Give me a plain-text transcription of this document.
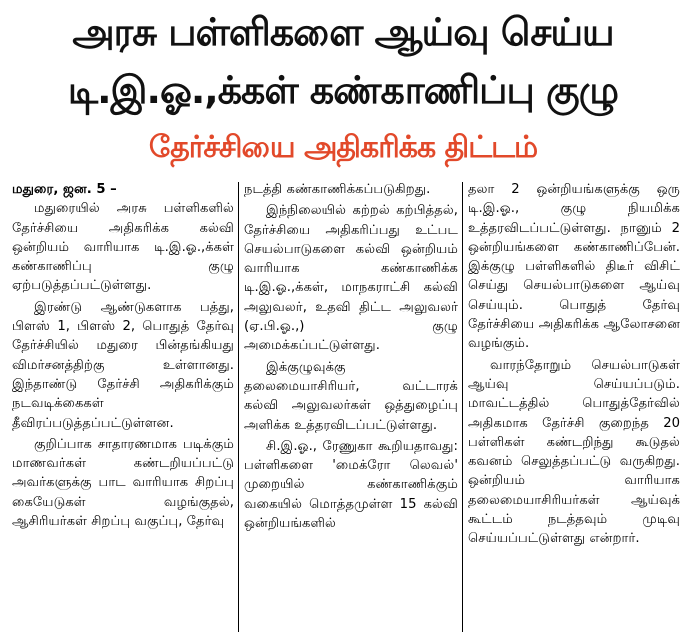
அரசு பள்ளிகளை ஆய்வு செய்ய
டி.இ.ஓ.,க்கள் கண்காணிப்பு குழு
தேர்ச்சியை அதிகரிக்க திட்டம்
மதுரை, ஜன. 5 –

மதுரையில் அரசு பள்ளிகளில் தேர்ச்சியை அதிகரிக்க கல்வி ஒன்றியம் வாரியாக டி.இ.ஓ.,க்கள் கண்காணிப்பு குழு ஏற்படுத்தப்பட்டுள்ளது.

இரண்டு ஆண்டுகளாக பத்து, பிளஸ் 1, பிளஸ் 2, பொதுத் தேர்வு தேர்ச்சியில் மதுரை பின்தங்கியது விமர்சனத்திற்கு உள்ளானது. இந்தாண்டு தேர்ச்சி அதிகரிக்கும் நடவடிக்கைகள் தீவிரப்படுத்தப்பட்டுள்ளன.

குறிப்பாக சாதாரணமாக படிக்கும் மாணவர்கள் கண்டறியப்பட்டு அவர்களுக்கு பாட வாரியாக சிறப்பு கையேடுகள் வழங்குதல், ஆசிரியர்கள் சிறப்பு வகுப்பு, தேர்வு

நடத்தி கண்காணிக்கப்படுகிறது.

இந்நிலையில் கற்றல் கற்பித்தல், தேர்ச்சியை அதிகரிப்பது உட்பட செயல்பாடுகளை கல்வி ஒன்றியம் வாரியாக கண்காணிக்க டி.இ.ஓ.,க்கள், மாநகராட்சி கல்வி அலுவலர், உதவி திட்ட அலுவலர் (ஏ.பி.ஓ.,) குழு அமைக்கப்பட்டுள்ளது.

இக்குழுவுக்கு தலைமையாசிரியர், வட்டாரக் கல்வி அலுவலர்கள் ஒத்துழைப்பு அளிக்க உத்தரவிடப்பட்டுள்ளது.

சி.இ.ஓ., ரேணுகா கூறியதாவது: பள்ளிகளை 'மைக்ரோ லெவல்' முறையில் கண்காணிக்கும் வகையில் மொத்தமுள்ள 15 கல்வி ஒன்றியங்களில்

தலா 2 ஒன்றியங்களுக்கு ஒரு டி.இ.ஓ., குழு நியமிக்க உத்தரவிடப்பட்டுள்ளது. நானும் 2 ஒன்றியங்களை கண்காணிப்பேன். இக்குழு பள்ளிகளில் திடீர் விசிட் செய்து செயல்பாடுகளை ஆய்வு செய்யும். பொதுத் தேர்வு தேர்ச்சியை அதிகரிக்க ஆலோசனை வழங்கும்.

வாரந்தோறும் செயல்பாடுகள் ஆய்வு செய்யப்படும். மாவட்டத்தில் பொதுத்தேர்வில் அதிகமாக தேர்ச்சி குறைந்த 20 பள்ளிகள் கண்டறிந்து கூடுதல் கவனம் செலுத்தப்பட்டு வருகிறது. ஒன்றியம் வாரியாக தலைமையாசிரியர்கள் ஆய்வுக் கூட்டம் நடத்தவும் முடிவு செய்யப்பட்டுள்ளது என்றார்.
